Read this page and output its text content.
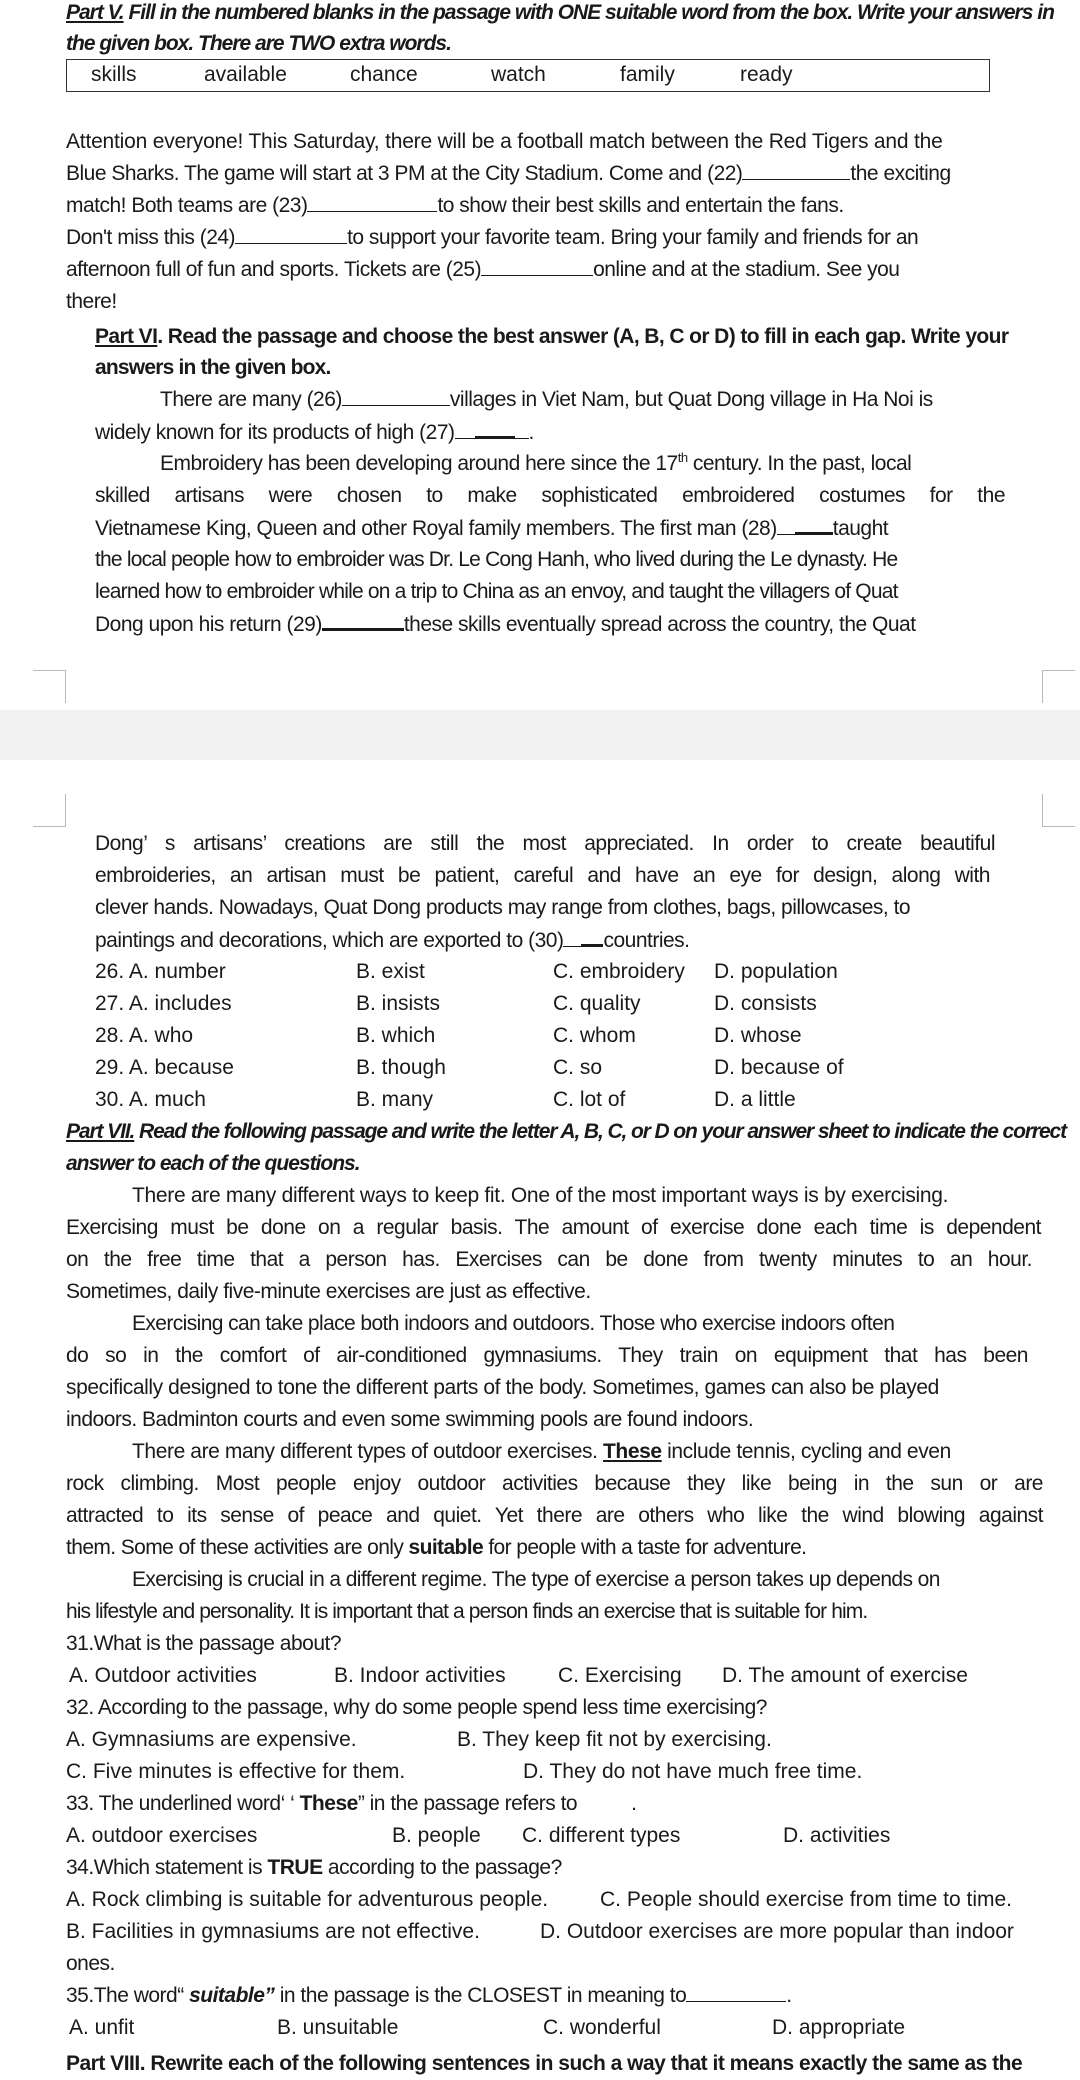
Part V. Fill in the numbered blanks in the passage with ONE suitable word from the box. Write your answers in
the given box. There are TWO extra words.
skills	available	chance	watch	family	ready
Attention everyone! This Saturday, there will be a football match between the Red Tigers and the
Blue Sharks. The game will start at 3 PM at the City Stadium. Come and (22)	the exciting
match! Both teams are (23)	to show their best skills and entertain the fans.
Don't miss this (24)	to support your favorite team. Bring your family and friends for an
afternoon full of fun and sports. Tickets are (25)	online and at the stadium. See you
there!
Part VI. Read the passage and choose the best answer (A, B, C or D) to fill in each gap. Write your
answers in the given box.
There are many (26)	villages in Viet Nam, but Quat Dong village in Ha Noi is
widely known for its products of high (27)	.
Embroidery has been developing around here since the 17th century. In the past, local
skilled artisans were chosen to make sophisticated embroidered costumes for the
Vietnamese King, Queen and other Royal family members. The first man (28)	taught
the local people how to embroider was Dr. Le Cong Hanh, who lived during the Le dynasty. He
learned how to embroider while on a trip to China as an envoy, and taught the villagers of Quat
Dong upon his return (29)	these skills eventually spread across the country, the Quat
Dong’ s artisans’ creations are still the most appreciated. In order to create beautiful
embroideries, an artisan must be patient, careful and have an eye for design, along with
clever hands. Nowadays, Quat Dong products may range from clothes, bags, pillowcases, to
paintings and decorations, which are exported to (30) countries.
26. A. number	B. exist	C. embroidery D. population
27. A. includes	B. insists	C. quality	D. consists
28. A. who	B. which	C. whom	D. whose
29. A. because	B. though	C. so	D. because of
30. A. much	B. many	C. lot of	D. a little
Part VII. Read the following passage and write the letter A, B, C, or D on your answer sheet to indicate the correct
answer to each of the questions.
There are many different ways to keep fit. One of the most important ways is by exercising.
Exercising must be done on a regular basis. The amount of exercise done each time is dependent
on the free time that a person has. Exercises can be done from twenty minutes to an hour.
Sometimes, daily five-minute exercises are just as effective.
Exercising can take place both indoors and outdoors. Those who exercise indoors often
do so in the comfort of air-conditioned gymnasiums. They train on equipment that has been
specifically designed to tone the different parts of the body. Sometimes, games can also be played
indoors. Badminton courts and even some swimming pools are found indoors.
There are many different types of outdoor exercises. These include tennis, cycling and even
rock climbing. Most people enjoy outdoor activities because they like being in the sun or are
attracted to its sense of peace and quiet. Yet there are others who like the wind blowing against
them. Some of these activities are only suitable for people with a taste for adventure.
Exercising is crucial in a different regime. The type of exercise a person takes up depends on
his lifestyle and personality. It is important that a person finds an exercise that is suitable for him.
31.What is the passage about?
A. Outdoor activities	B. Indoor activities C. Exercising D. The amount of exercise
32. According to the passage, why do some people spend less time exercising?
A. Gymnasiums are expensive.	B. They keep fit not by exercising.
C. Five minutes is effective for them.	D. They do not have much free time.
33. The underlined word‘ ‘ These” in the passage refers to	.
A. outdoor exercises	B. people C. different types	D. activities
34.Which statement is TRUE according to the passage?
A. Rock climbing is suitable for adventurous people. C. People should exercise from time to time.
B. Facilities in gymnasiums are not effective.	D. Outdoor exercises are more popular than indoor
ones.
35.The word“ suitable” in the passage is the CLOSEST in meaning to	.
A. unfit	B. unsuitable	C. wonderful	D. appropriate
Part VIII. Rewrite each of the following sentences in such a way that it means exactly the same as the
